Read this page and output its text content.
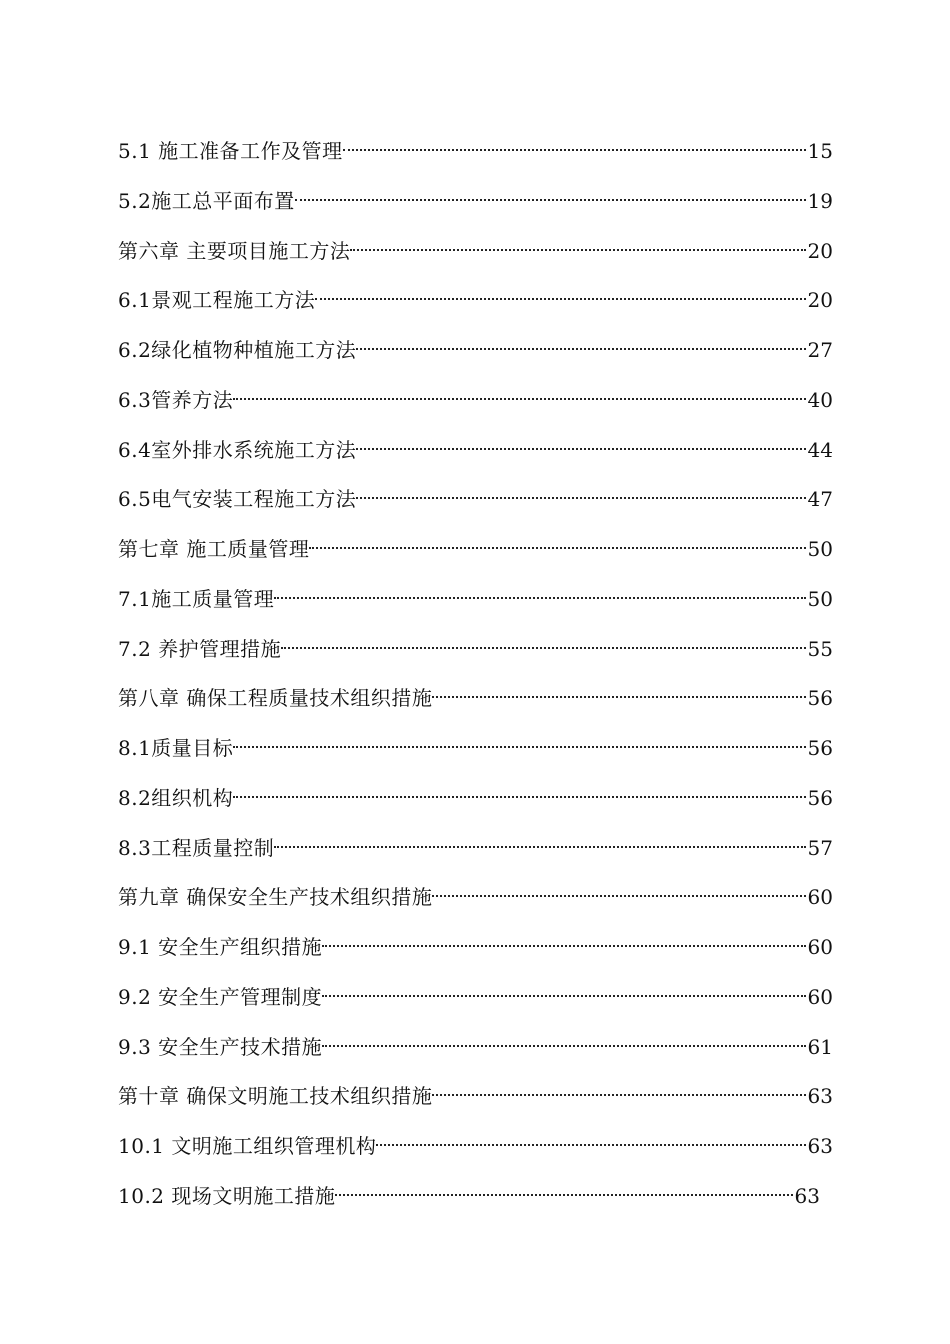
5.1 施工准备工作及管理	15
5.2施工总平面布置	19
第六章 主要项目施工方法	20
6.1景观工程施工方法	20
6.2绿化植物种植施工方法	27
6.3管养方法	40
6.4室外排水系统施工方法	44
6.5电气安装工程施工方法	47
第七章 施工质量管理	50
7.1施工质量管理	50
7.2 养护管理措施	55
第八章 确保工程质量技术组织措施	56
8.1质量目标	56
8.2组织机构	56
8.3工程质量控制	57
第九章 确保安全生产技术组织措施	60
9.1 安全生产组织措施	60
9.2 安全生产管理制度	60
9.3 安全生产技术措施	61
第十章 确保文明施工技术组织措施	63
10.1 文明施工组织管理机构	63
10.2 现场文明施工措施	63
